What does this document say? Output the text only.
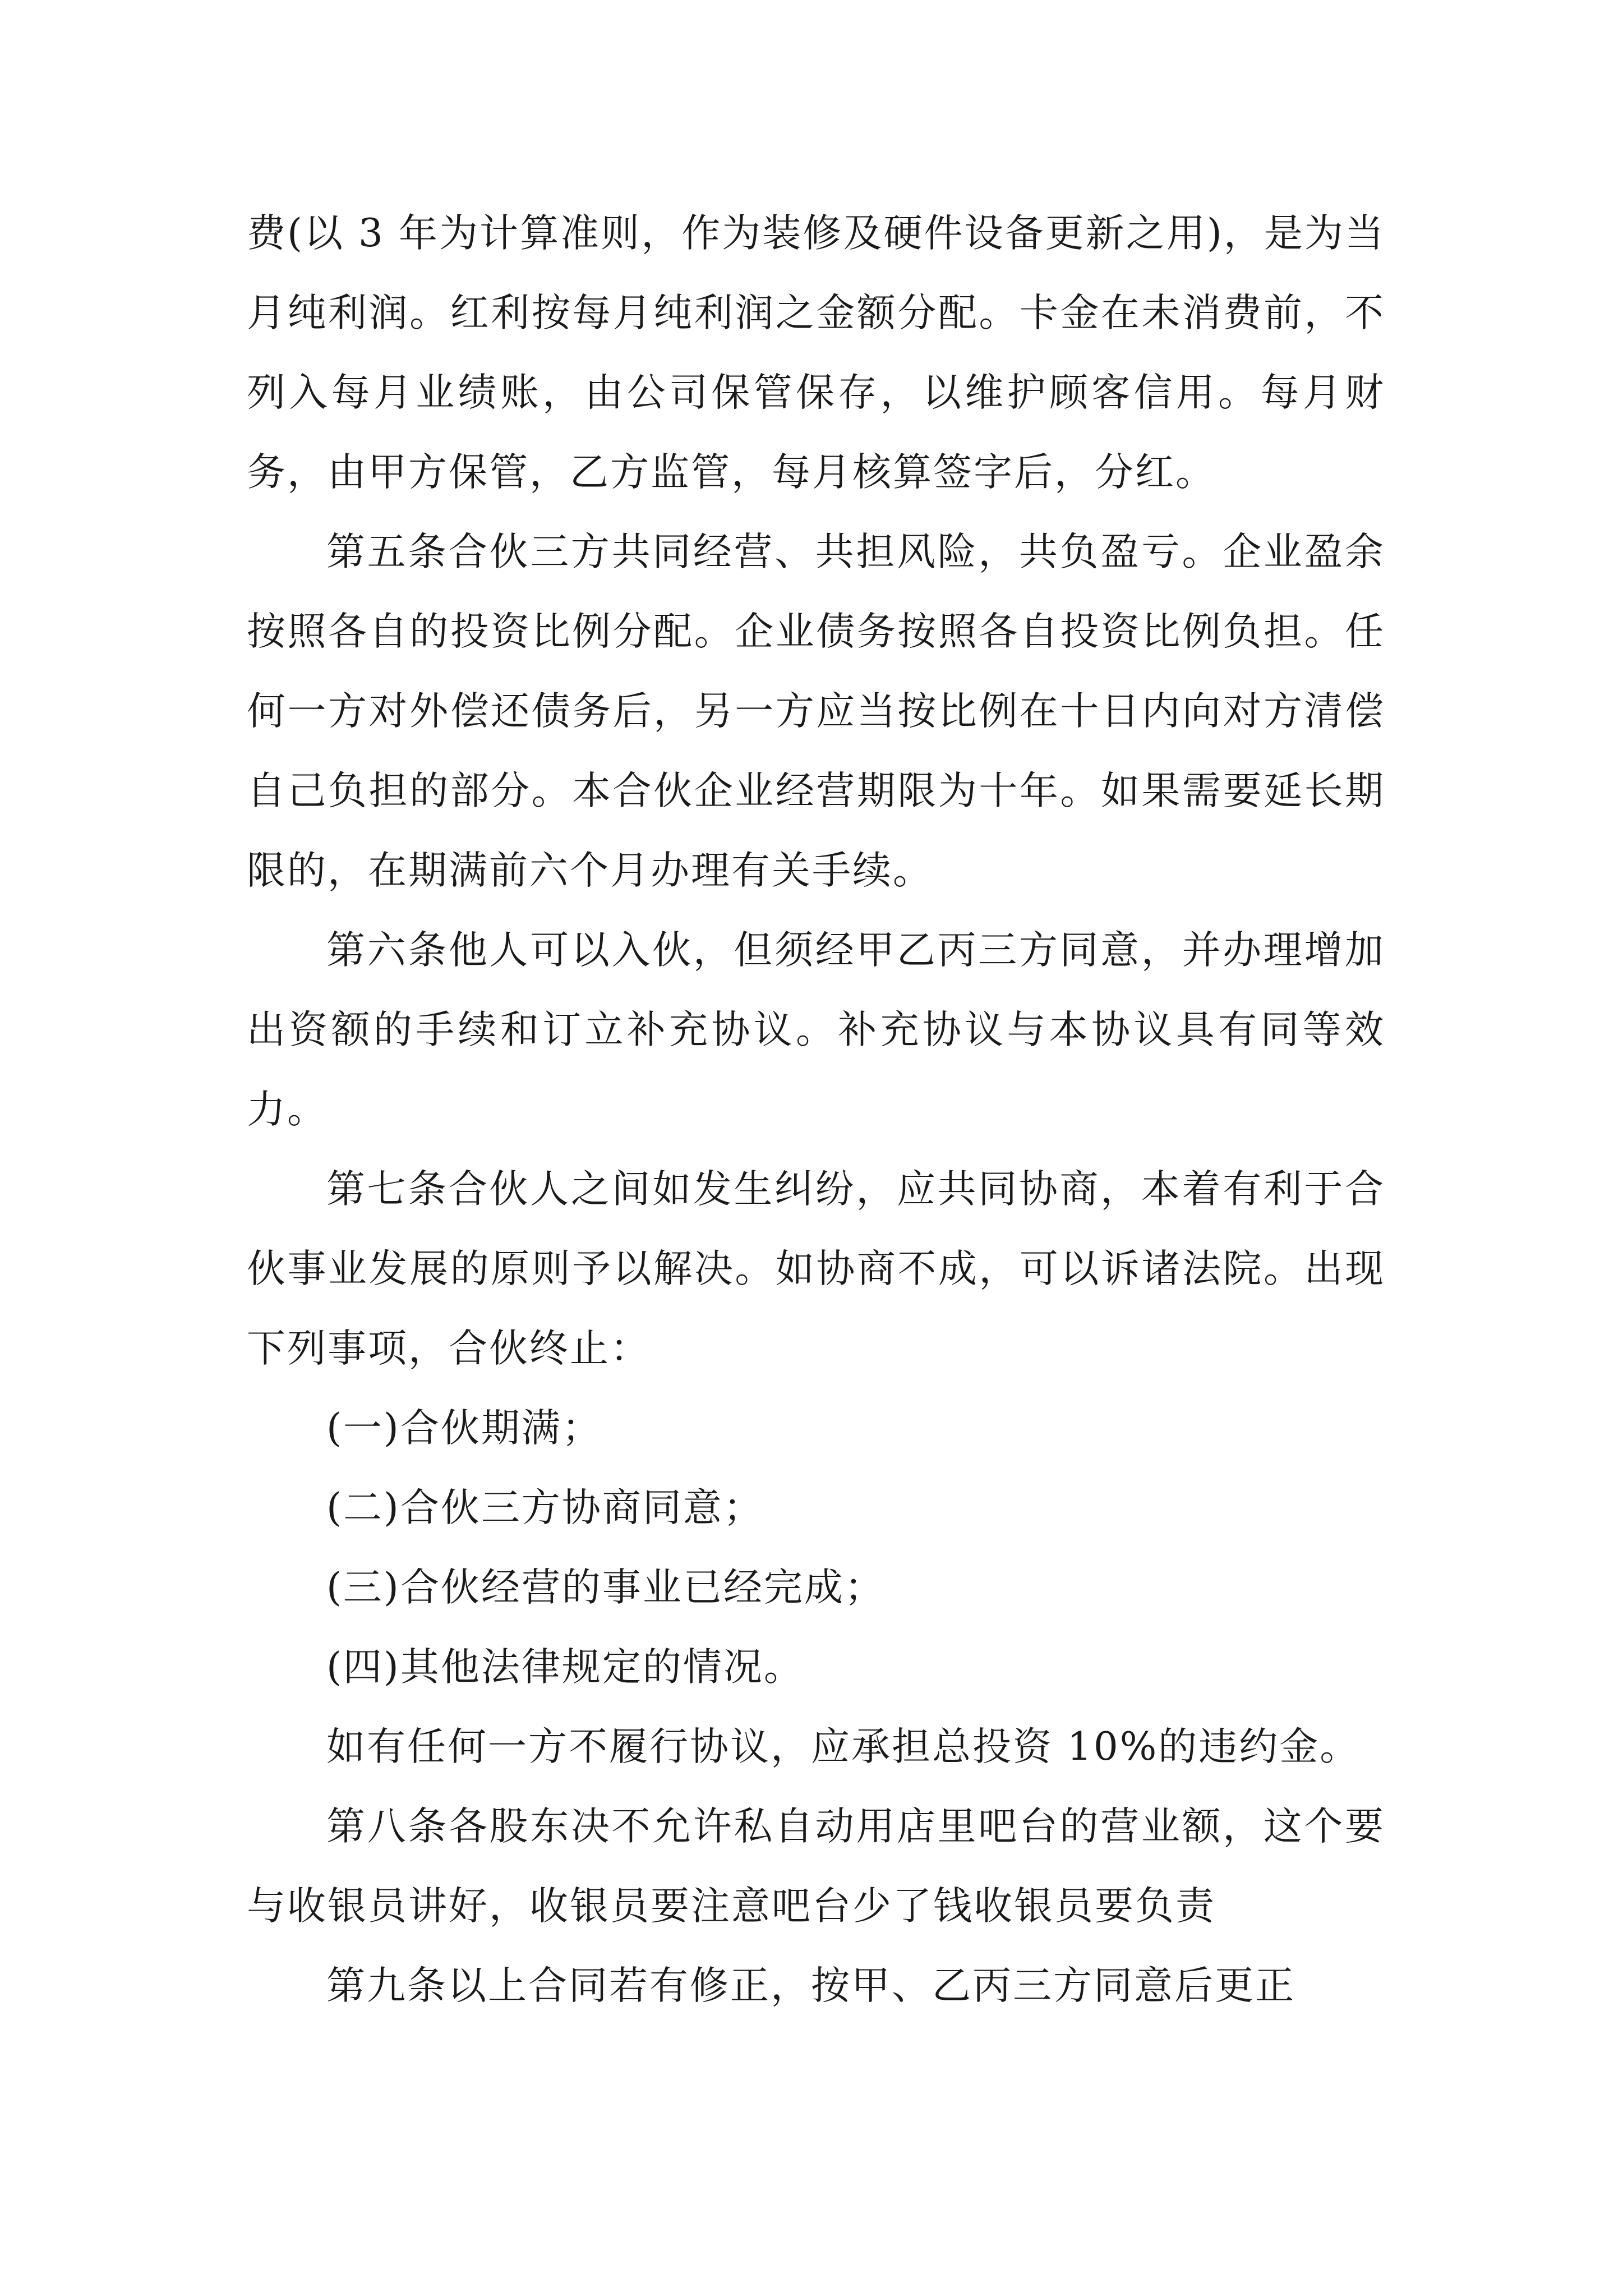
费(以 3 年为计算准则，作为装修及硬件设备更新之用)，是为当月纯利润。红利按每月纯利润之金额分配。卡金在未消费前，不列入每月业绩账，由公司保管保存，以维护顾客信用。每月财务，由甲方保管，乙方监管，每月核算签字后，分红。

第五条合伙三方共同经营、共担风险，共负盈亏。企业盈余按照各自的投资比例分配。企业债务按照各自投资比例负担。任何一方对外偿还债务后，另一方应当按比例在十日内向对方清偿自己负担的部分。本合伙企业经营期限为十年。如果需要延长期限的，在期满前六个月办理有关手续。

第六条他人可以入伙，但须经甲乙丙三方同意，并办理增加出资额的手续和订立补充协议。补充协议与本协议具有同等效力。

第七条合伙人之间如发生纠纷，应共同协商，本着有利于合伙事业发展的原则予以解决。如协商不成，可以诉诸法院。出现下列事项，合伙终止：

(一)合伙期满；

(二)合伙三方协商同意；

(三)合伙经营的事业已经完成；

(四)其他法律规定的情况。

如有任何一方不履行协议，应承担总投资 10%的违约金。

第八条各股东决不允许私自动用店里吧台的营业额，这个要与收银员讲好，收银员要注意吧台少了钱收银员要负责

第九条以上合同若有修正，按甲、乙丙三方同意后更正
